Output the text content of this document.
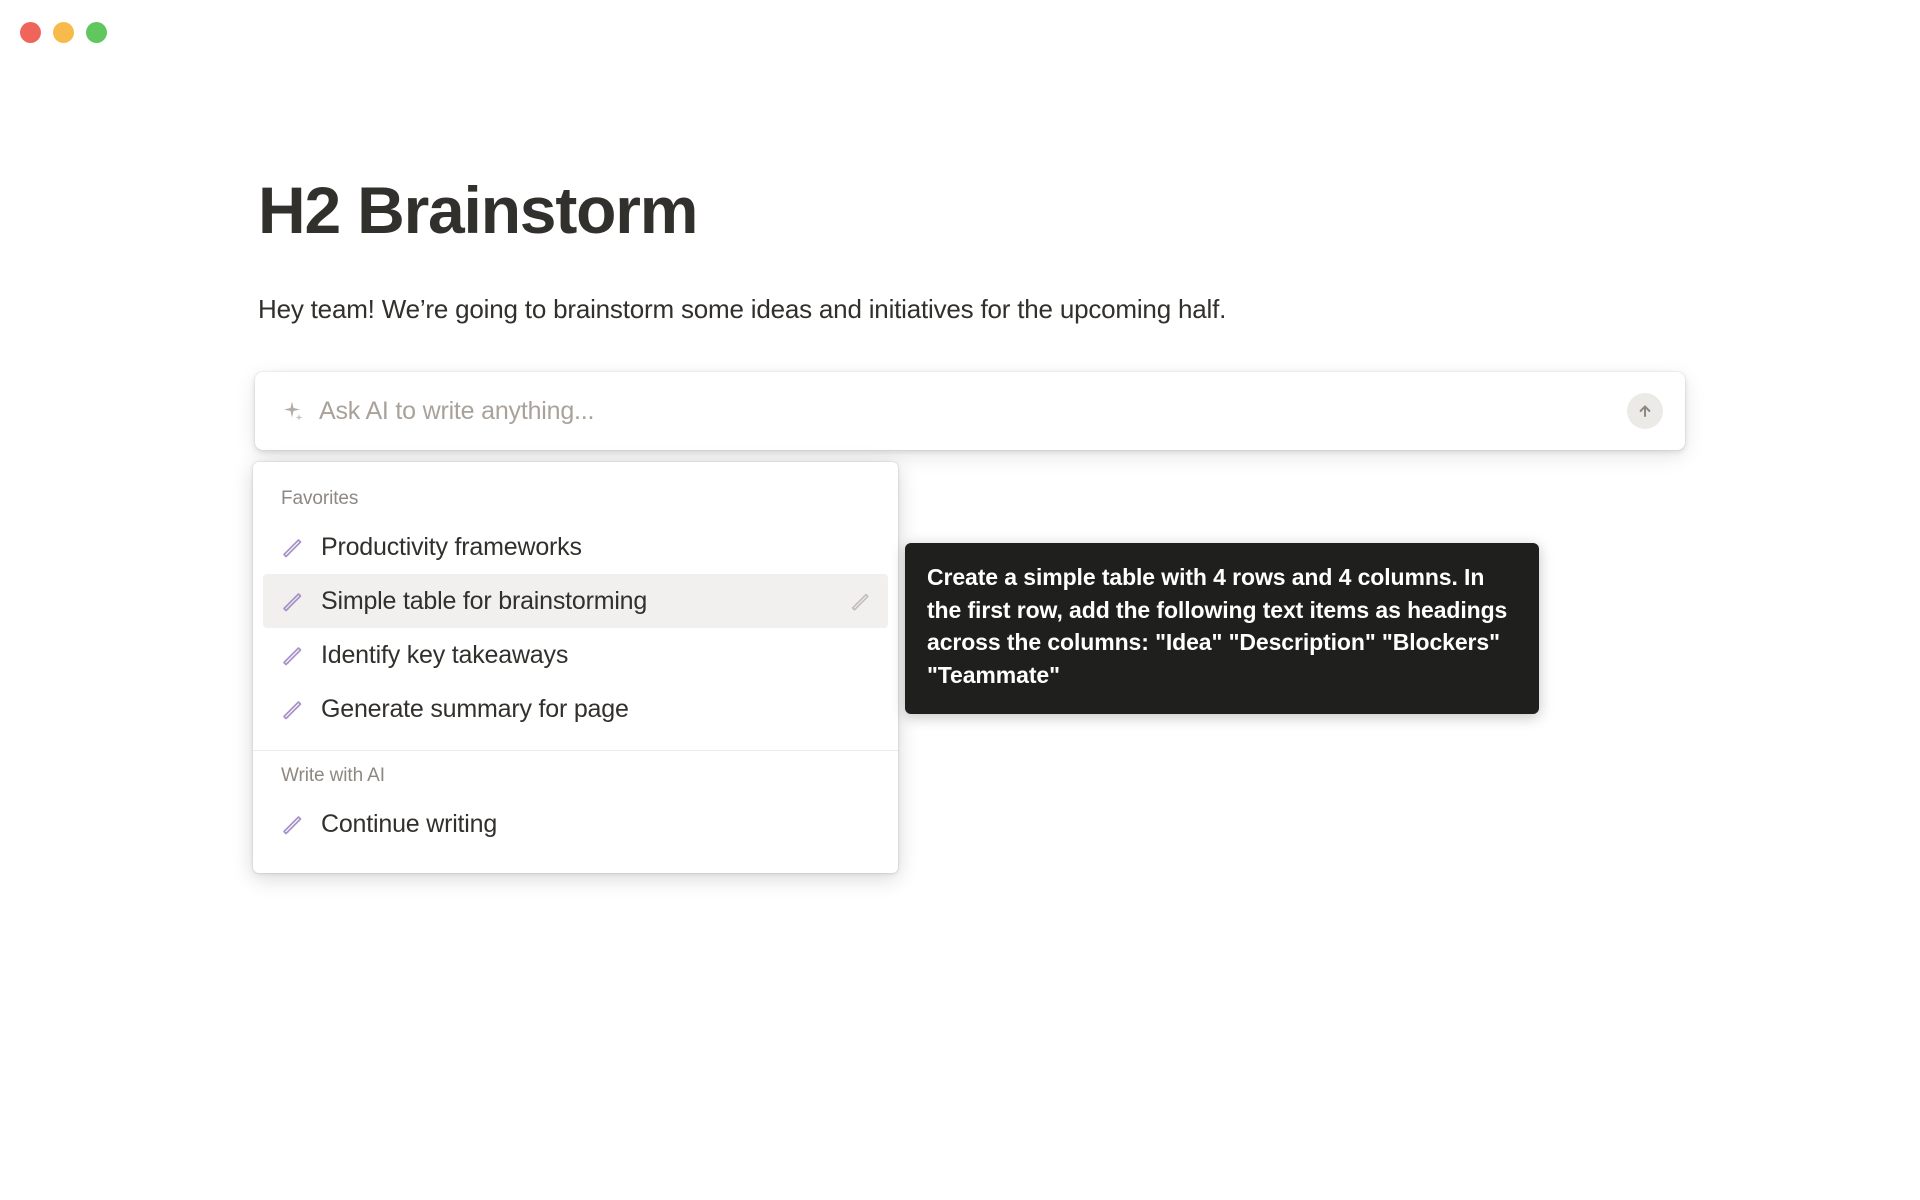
H2 Brainstorm

Hey team! We’re going to brainstorm some ideas and initiatives for the upcoming half.

Ask AI to write anything...
Favorites
Productivity frameworks
Simple table for brainstorming
Identify key takeaways
Generate summary for page
Write with AI
Continue writing

Create a simple table with 4 rows and 4 columns. In the first row, add the following text items as headings across the columns: "Idea" "Description" "Blockers" "Teammate"
